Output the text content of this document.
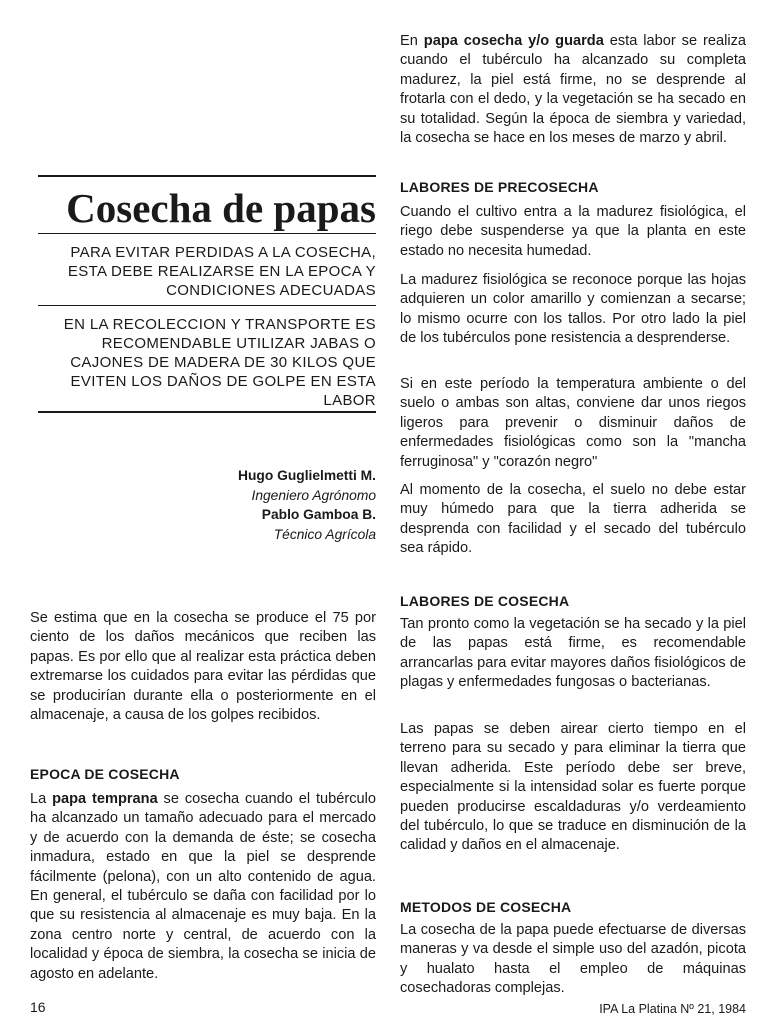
Cosecha de papas

PARA EVITAR PERDIDAS A LA COSECHA, ESTA DEBE REALIZARSE EN LA EPOCA Y CONDICIONES ADECUADAS

EN LA RECOLECCION Y TRANSPORTE ES RECOMENDABLE UTILIZAR JABAS O CAJONES DE MADERA DE 30 KILOS QUE EVITEN LOS DAÑOS DE GOLPE EN ESTA LABOR

Hugo Guglielmetti M.
Ingeniero Agrónomo
Pablo Gamboa B.
Técnico Agrícola

Se estima que en la cosecha se produce el 75 por ciento de los daños mecánicos que reciben las papas. Es por ello que al realizar esta práctica deben extremarse los cuidados para evitar las pérdidas que se producirían durante ella o posteriormente en el almacenaje, a causa de los golpes recibidos.

EPOCA DE COSECHA

La papa temprana se cosecha cuando el tubérculo ha alcanzado un tamaño adecuado para el mercado y de acuerdo con la demanda de éste; se cosecha inmadura, estado en que la piel se desprende fácilmente (pelona), con un alto contenido de agua. En general, el tubérculo se daña con facilidad por lo que su resistencia al almacenaje es muy baja. En la zona centro norte y central, de acuerdo con la localidad y época de siembra, la cosecha se inicia de agosto en adelante.

En papa cosecha y/o guarda esta labor se realiza cuando el tubérculo ha alcanzado su completa madurez, la piel está firme, no se desprende al frotarla con el dedo, y la vegetación se ha secado en su totalidad. Según la época de siembra y variedad, la cosecha se hace en los meses de marzo y abril.

LABORES DE PRECOSECHA

Cuando el cultivo entra a la madurez fisiológica, el riego debe suspenderse ya que la planta en este estado no necesita humedad.

La madurez fisiológica se reconoce porque las hojas adquieren un color amarillo y comienzan a secarse; lo mismo ocurre con los tallos. Por otro lado la piel de los tubérculos pone resistencia a desprenderse.

Si en este período la temperatura ambiente o del suelo o ambas son altas, conviene dar unos riegos ligeros para prevenir o disminuir daños de enfermedades fisiológicas como son la "mancha ferruginosa" y "corazón negro"

Al momento de la cosecha, el suelo no debe estar muy húmedo para que la tierra adherida se desprenda con facilidad y el secado del tubérculo sea rápido.

LABORES DE COSECHA

Tan pronto como la vegetación se ha secado y la piel de las papas está firme, es recomendable arrancarlas para evitar mayores daños fisiológicos de plagas y enfermedades fungosas o bacterianas.

Las papas se deben airear cierto tiempo en el terreno para su secado y para eliminar la tierra que llevan adherida. Este período debe ser breve, especialmente si la intensidad solar es fuerte porque pueden producirse escaldaduras y/o verdeamiento del tubérculo, lo que se traduce en disminución de la calidad y daños en el almacenaje.

METODOS DE COSECHA

La cosecha de la papa puede efectuarse de diversas maneras y va desde el simple uso del azadón, picota y hualato hasta el empleo de máquinas cosechadoras complejas.

16	IPA La Platina Nº 21, 1984
